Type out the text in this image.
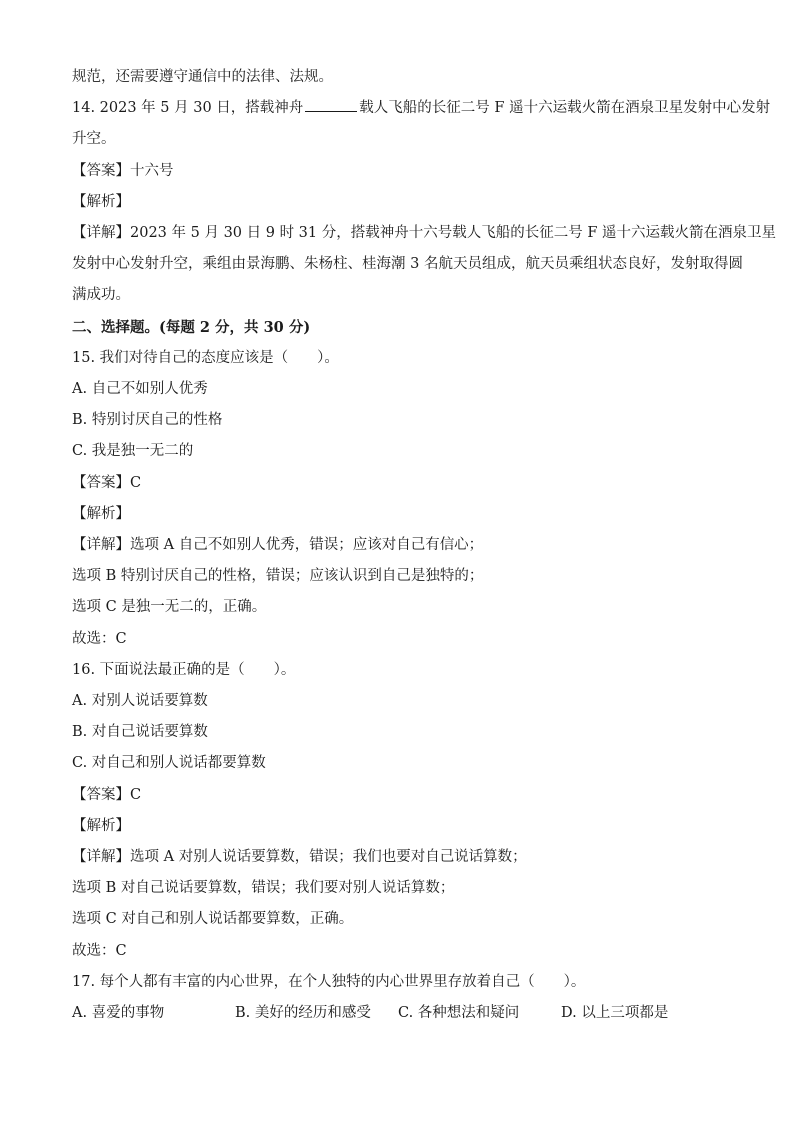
规范，还需要遵守通信中的法律、法规。
14. 2023 年 5 月 30 日，搭载神舟	载人飞船的长征二号 F 遥十六运载火箭在酒泉卫星发射中心发射
升空。
【答案】十六号
【解析】
【详解】2023 年 5 月 30 日 9 时 31 分，搭载神舟十六号载人飞船的长征二号 F 遥十六运载火箭在酒泉卫星
发射中心发射升空，乘组由景海鹏、朱杨柱、桂海潮 3 名航天员组成，航天员乘组状态良好，发射取得圆
满成功。
二、选择题。(每题 2 分，共 30 分)
15. 我们对待自己的态度应该是（　　）。
A. 自己不如别人优秀
B. 特别讨厌自己的性格
C. 我是独一无二的
【答案】C
【解析】
【详解】选项 A 自己不如别人优秀，错误；应该对自己有信心；
选项 B 特别讨厌自己的性格，错误；应该认识到自己是独特的；
选项 C 是独一无二的，正确。
故选：C
16. 下面说法最正确的是（　　）。
A. 对别人说话要算数
B. 对自己说话要算数
C. 对自己和别人说话都要算数
【答案】C
【解析】
【详解】选项 A 对别人说话要算数，错误；我们也要对自己说话算数；
选项 B 对自己说话要算数，错误；我们要对别人说话算数；
选项 C 对自己和别人说话都要算数，正确。
故选：C
17. 每个人都有丰富的内心世界，在个人独特的内心世界里存放着自己（　　）。
A. 喜爱的事物	B. 美好的经历和感受	C. 各种想法和疑问	D. 以上三项都是
